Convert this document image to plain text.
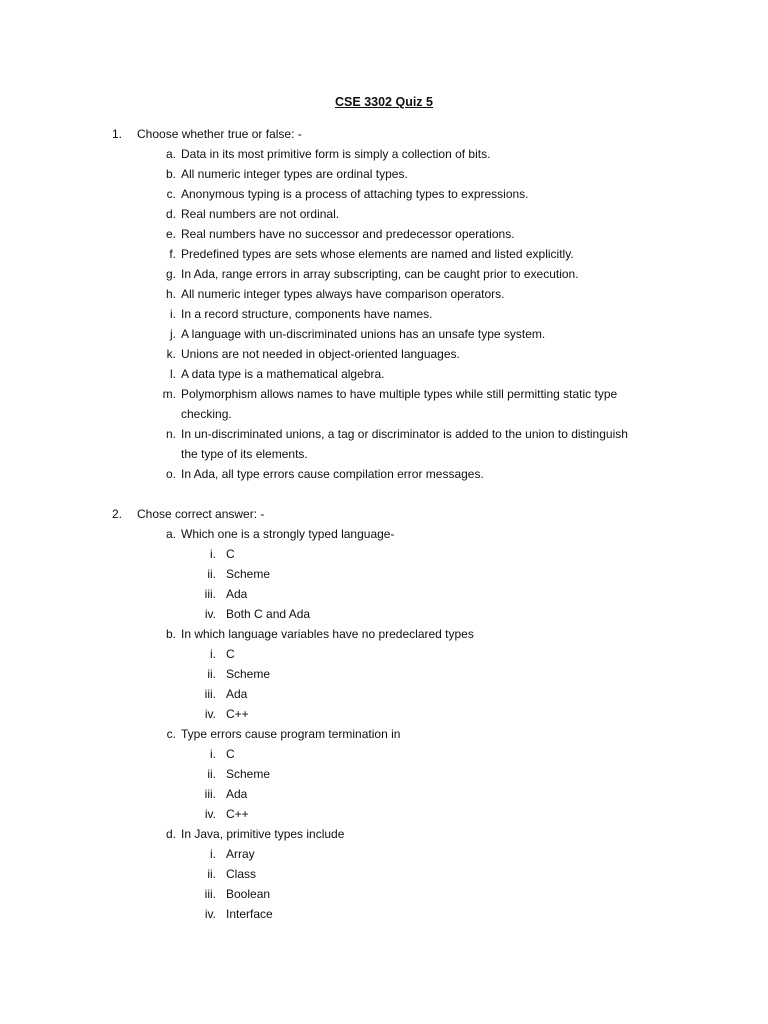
CSE 3302 Quiz 5
1.	Choose whether true or false: -
a. Data in its most primitive form is simply a collection of bits.
b. All numeric integer types are ordinal types.
c. Anonymous typing is a process of attaching types to expressions.
d. Real numbers are not ordinal.
e. Real numbers have no successor and predecessor operations.
f. Predefined types are sets whose elements are named and listed explicitly.
g. In Ada, range errors in array subscripting, can be caught prior to execution.
h. All numeric integer types always have comparison operators.
i. In a record structure, components have names.
j. A language with un-discriminated unions has an unsafe type system.
k. Unions are not needed in object-oriented languages.
l. A data type is a mathematical algebra.
m. Polymorphism allows names to have multiple types while still permitting static type
checking.
n. In un-discriminated unions, a tag or discriminator is added to the union to distinguish
the type of its elements.
o. In Ada, all type errors cause compilation error messages.
2.	Chose correct answer: -
a. Which one is a strongly typed language-
i. C
ii. Scheme
iii. Ada
iv. Both C and Ada
b. In which language variables have no predeclared types
i. C
ii. Scheme
iii. Ada
iv. C++
c. Type errors cause program termination in
i. C
ii. Scheme
iii. Ada
iv. C++
d. In Java, primitive types include
i. Array
ii. Class
iii. Boolean
iv. Interface
